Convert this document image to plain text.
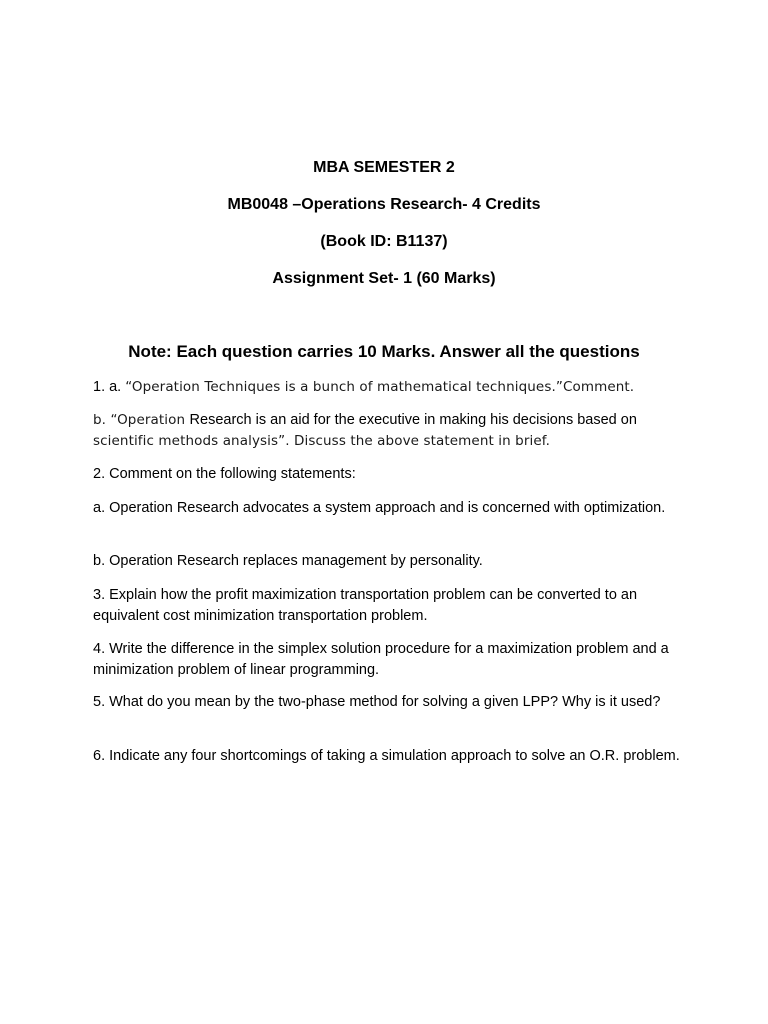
MBA SEMESTER 2

MB0048 –Operations Research- 4 Credits

(Book ID: B1137)

Assignment Set- 1 (60 Marks)

Note: Each question carries 10 Marks. Answer all the questions

1. a. “Operation Techniques is a bunch of mathematical techniques.”Comment.

b. “Operation Research is an aid for the executive in making his decisions based on
scientific methods analysis”. Discuss the above statement in brief.

2. Comment on the following statements:

a. Operation Research advocates a system approach and is concerned with optimization.

b. Operation Research replaces management by personality.

3. Explain how the profit maximization transportation problem can be converted to an equivalent cost minimization transportation problem.

4. Write the difference in the simplex solution procedure for a maximization problem and a minimization problem of linear programming.

5. What do you mean by the two-phase method for solving a given LPP? Why is it used?

6. Indicate any four shortcomings of taking a simulation approach to solve an O.R. problem.
